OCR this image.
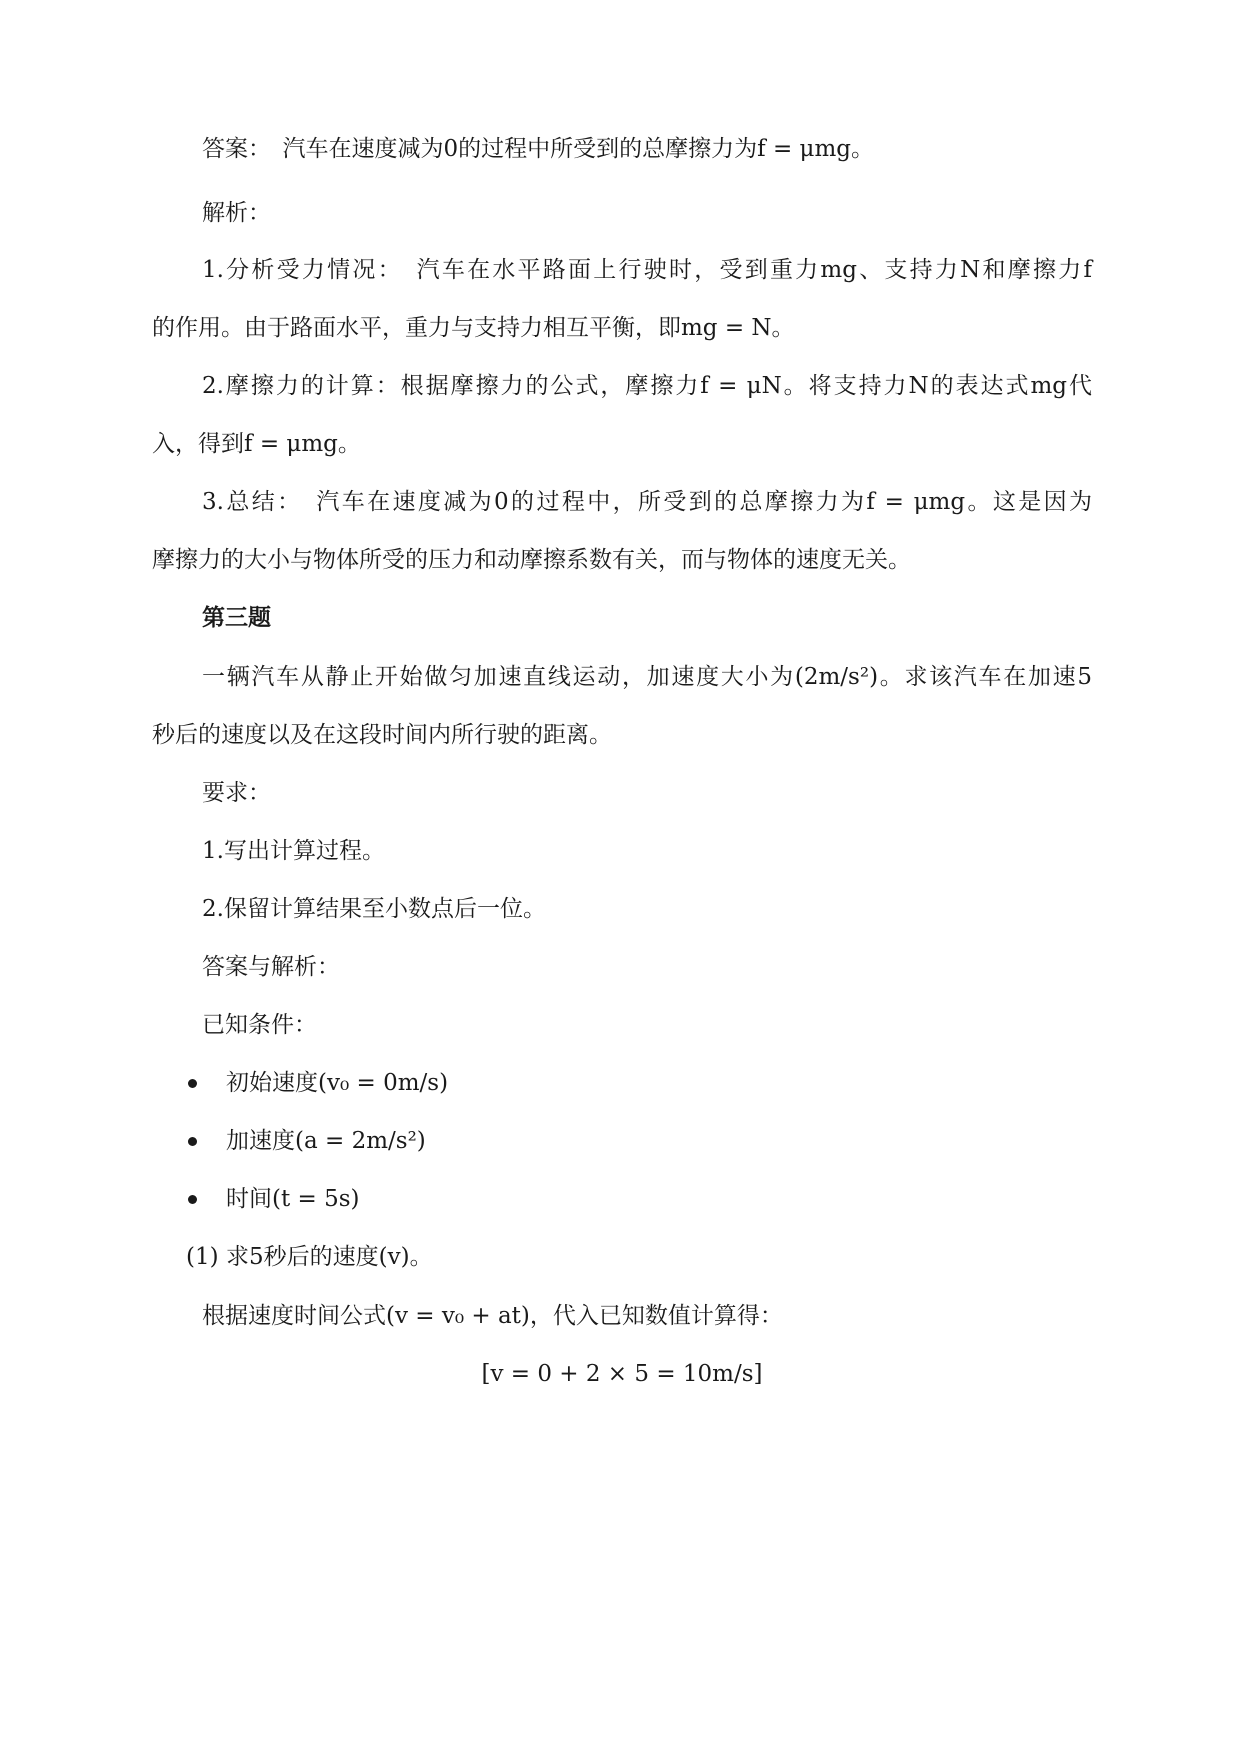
答案：　汽车在速度减为0的过程中所受到的总摩擦力为f = μmg。
解析：
1.分析受力情况：　汽车在水平路面上行驶时，受到重力mg、支持力N和摩擦力f
的作用。由于路面水平，重力与支持力相互平衡，即mg = N。
2.摩擦力的计算：根据摩擦力的公式，摩擦力f = μN。将支持力N的表达式mg代
入，得到f = μmg。
3.总结：　汽车在速度减为0的过程中，所受到的总摩擦力为f = μmg。这是因为
摩擦力的大小与物体所受的压力和动摩擦系数有关，而与物体的速度无关。
第三题
一辆汽车从静止开始做匀加速直线运动，加速度大小为(2m/s²)。求该汽车在加速5
秒后的速度以及在这段时间内所行驶的距离。
要求：
1.写出计算过程。
2.保留计算结果至小数点后一位。
答案与解析：
已知条件：
初始速度(v₀ = 0m/s)
加速度(a = 2m/s²)
时间(t = 5s)
(1) 求5秒后的速度(v)。
根据速度时间公式(v = v₀ + at)，代入已知数值计算得：
[v = 0 + 2 × 5 = 10m/s]
